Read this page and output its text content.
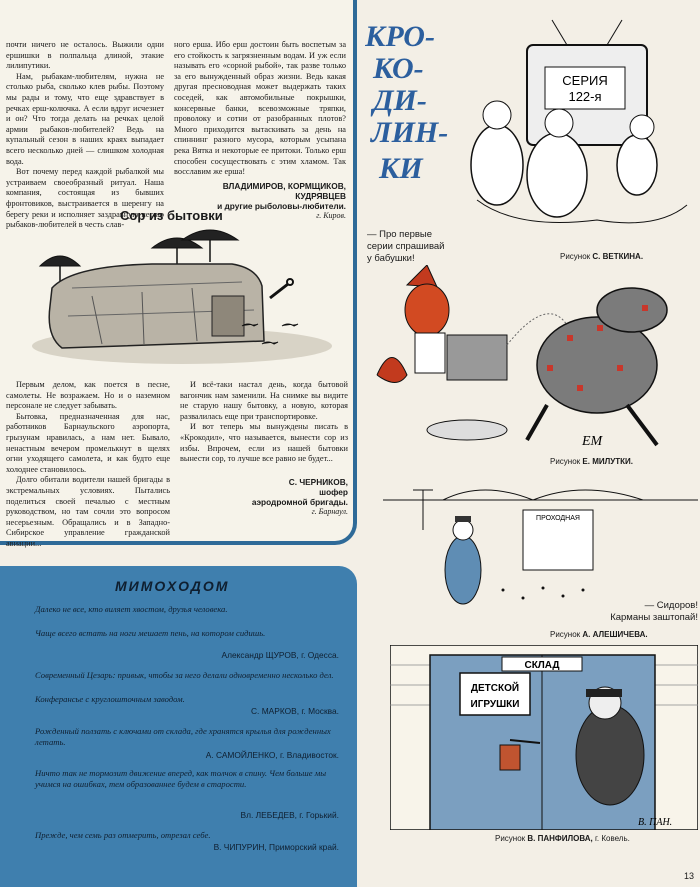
почти ничего не осталось. Выжили одни ершишки в полпальца длиной, этакие лилипутики.

Нам, рыбакам-любителям, нужна не столько рыба, сколько клев рыбы. Поэтому мы рады и тому, что еще здравствует в речках ерш-колючка. А если вдруг исчезнет и он? Что тогда делать на речках целой армии рыбаков-любителей? Ведь на купальный сезон в наших краях выпадает всего несколько дней — слишком холодная вода.

Вот почему перед каждой рыбалкой мы устраиваем своеобразный ритуал. Наша компания, состоящая из бывших фронтовиков, выстраивается в шеренгу на берегу реки и исполняет заздравную песню рыбаков-любителей в честь слав-

ного ерша. Ибо ерш достоин быть воспетым за его стойкость к загрязненным водам. И уж если называть его «сорной рыбой», так разве только за его вынужденный образ жизни. Ведь какая другая пресноводная может выдержать таких соседей, как автомобильные покрышки, консервные банки, всевозможные тряпки, проволоку и сотни от разобранных плотов? Много приходится вытаскивать за день на спиннинг разного мусора, которым усыпана река Вятка и некоторые ее притоки. Только ерш способен сосуществовать с этим хламом. Так восславим же ерша!

ВЛАДИМИРОВ, КОРМЩИКОВ, КУДРЯВЦЕВ
и другие рыболовы-любители.
г. Киров.
Сор из бытовки

Первым делом, как поется в песне, самолеты. Не возражаем. Но и о наземном персонале не следует забывать.

Бытовка, предназначенная для нас, работников Барнаульского аэропорта, грызунам нравилась, а нам нет. Бывало, ненастным вечером промелькнут в щелях огни уходящего самолета, и как будто еще холоднее становилось.

Долго обитали водители нашей бригады в экстремальных условиях. Пытались поделиться своей печалью с местным руководством, но там сочли это вопросом несерьезным. Обращались и в Западно-Сибирское управление гражданской авиации...

И всё-таки настал день, когда бытовой вагончик нам заменили. На снимке вы видите не старую нашу бытовку, а новую, которая развалилась еще при транспортировке.

И вот теперь мы вынуждены писать в «Крокодил», что называется, вынести сор из избы. Впрочем, если из нашей бытовки вынести сор, то лучше все равно не будет...

С. ЧЕРНИКОВ,
шофер
аэродромной бригады.
г. Барнаул.
МИМОХОДОМ
Далеко не все, кто виляет хвостом, друзья человека.
Чаще всего встать на ноги мешает пень, на котором сидишь.
Александр ЩУРОВ, г. Одесса.
Современный Цезарь: привык, чтобы за него делали одновременно несколько дел.
Конферансье с круглошточным заводом.
С. МАРКОВ, г. Москва.
Рожденный ползать с ключами от склада, где хранятся крылья для рожденных летать.
А. САМОЙЛЕНКО, г. Владивосток.
Ничто так не тормозит движение вперед, как толчок в спину. Чем больше мы учимся на ошибках, тем образованнее будем в старости.
Вл. ЛЕБЕДЕВ, г. Горький.
Прежде, чем семь раз отмерить, отрезал себе.
В. ЧИПУРИН, Приморский край.
КРО-
КО-
ДИ-
ЛИН-
КИ
СЕРИЯ
122-я
— Про первые серии спрашивай у бабушки!	Рисунок С. ВЕТКИНА.
ЕМ
Рисунок Е. МИЛУТКИ.
ПРОХОДНАЯ
— Сидоров!
Карманы заштопай!
Рисунок А. АЛЕШИЧЕВА.
СКЛАД
ДЕТСКОЙ
ИГРУШКИ
В. ПАН.
Рисунок В. ПАНФИЛОВА, г. Ковель.
13
